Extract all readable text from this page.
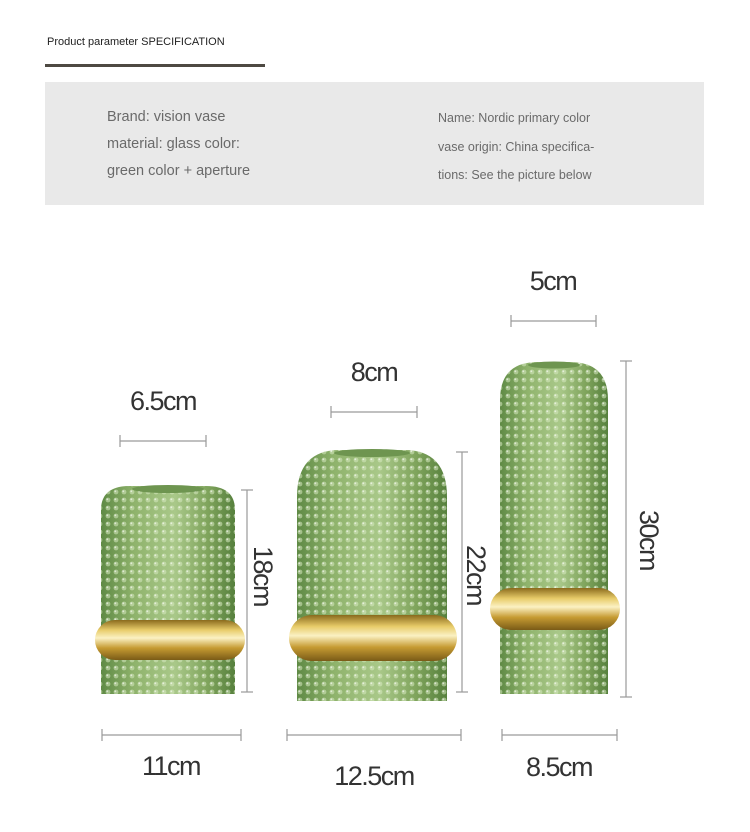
Product parameter SPECIFICATION
Brand: vision vase
material: glass color:
green color + aperture
Name: Nordic primary color
vase origin: China specifica-
tions: See the picture below
6.5cm
18cm
11cm
8cm
22cm
12.5cm
5cm
30cm
8.5cm
